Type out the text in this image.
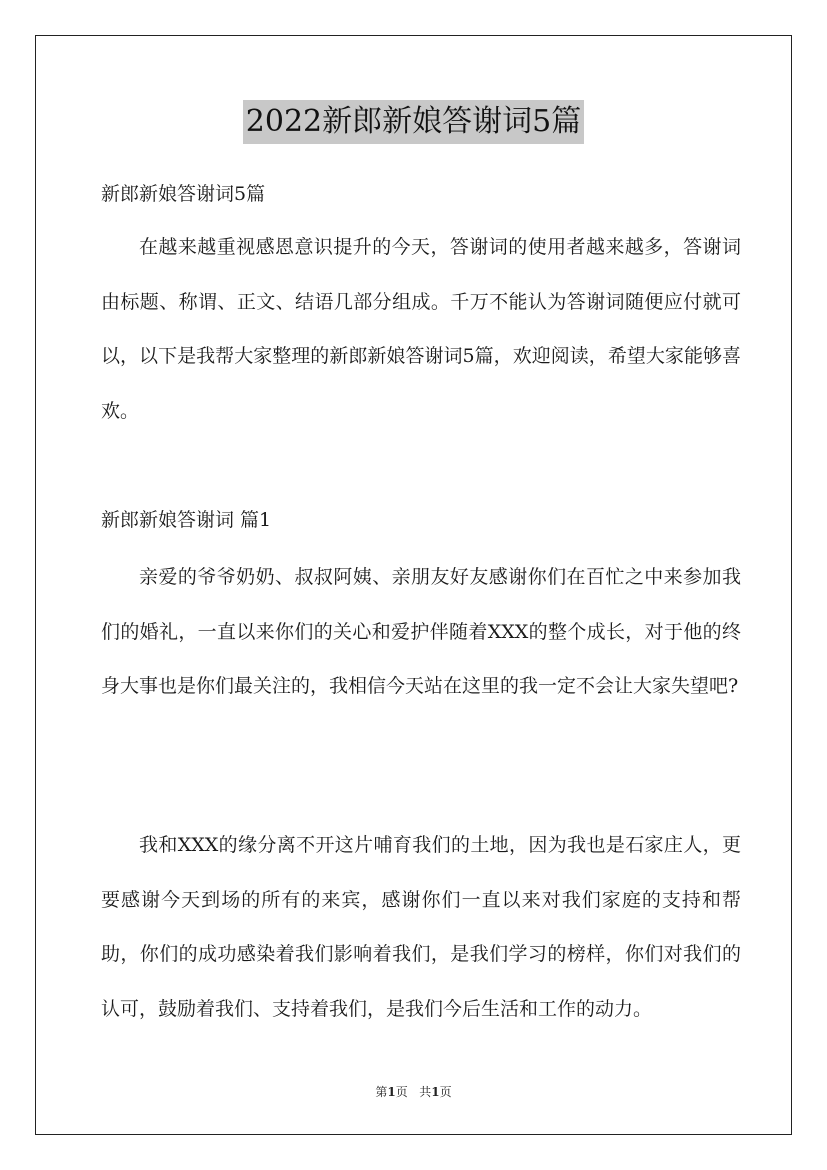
2022新郎新娘答谢词5篇
新郎新娘答谢词5篇
在越来越重视感恩意识提升的今天，答谢词的使用者越来越多，答谢词由标题、称谓、正文、结语几部分组成。千万不能认为答谢词随便应付就可以，以下是我帮大家整理的新郎新娘答谢词5篇，欢迎阅读，希望大家能够喜欢。
新郎新娘答谢词 篇1
亲爱的爷爷奶奶、叔叔阿姨、亲朋友好友感谢你们在百忙之中来参加我们的婚礼，一直以来你们的关心和爱护伴随着XXX的整个成长，对于他的终身大事也是你们最关注的，我相信今天站在这里的我一定不会让大家失望吧?
我和XXX的缘分离不开这片哺育我们的土地，因为我也是石家庄人，更要感谢今天到场的所有的来宾，感谢你们一直以来对我们家庭的支持和帮助，你们的成功感染着我们影响着我们，是我们学习的榜样，你们对我们的认可，鼓励着我们、支持着我们，是我们今后生活和工作的动力。
第1页 共1页
